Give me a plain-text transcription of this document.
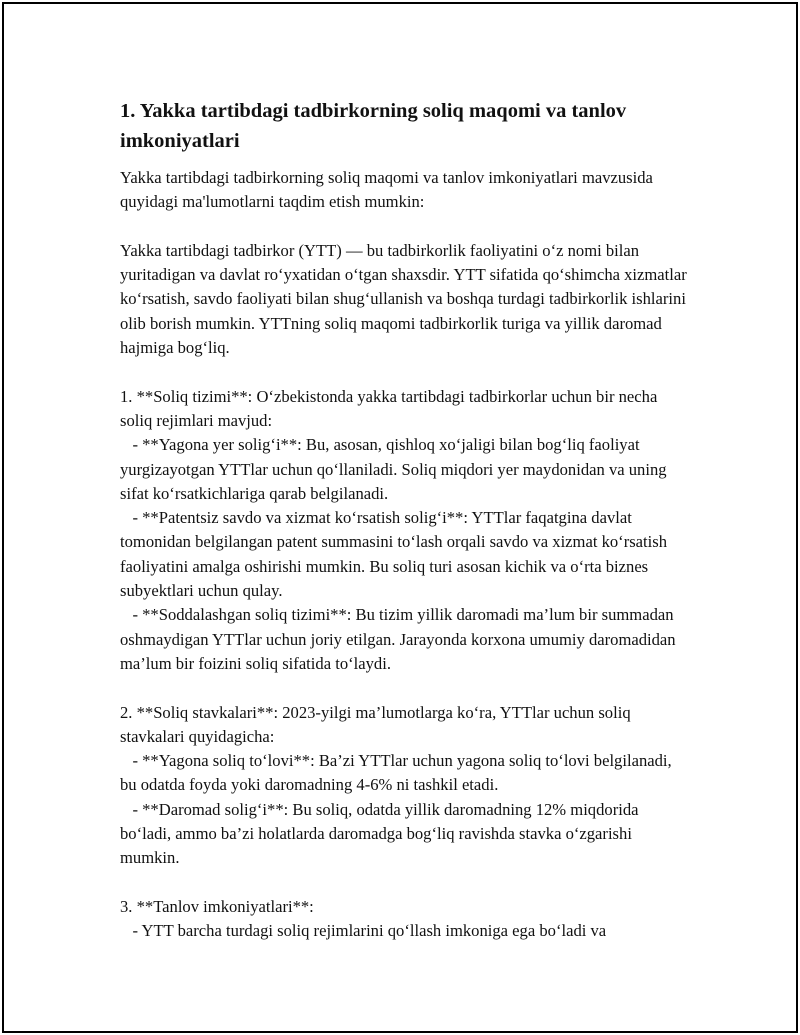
1. Yakka tartibdagi tadbirkorning soliq maqomi va tanlov imkoniyatlari

Yakka tartibdagi tadbirkorning soliq maqomi va tanlov imkoniyatlari mavzusida quyidagi ma'lumotlarni taqdim etish mumkin:

Yakka tartibdagi tadbirkor (YTT) — bu tadbirkorlik faoliyatini o‘z nomi bilan yuritadigan va davlat ro‘yxatidan o‘tgan shaxsdir. YTT sifatida qo‘shimcha xizmatlar ko‘rsatish, savdo faoliyati bilan shug‘ullanish va boshqa turdagi tadbirkorlik ishlarini olib borish mumkin. YTTning soliq maqomi tadbirkorlik turiga va yillik daromad hajmiga bog‘liq.

1. **Soliq tizimi**: O‘zbekistonda yakka tartibdagi tadbirkorlar uchun bir necha soliq rejimlari mavjud:

- **Yagona yer solig‘i**: Bu, asosan, qishloq xo‘jaligi bilan bog‘liq faoliyat yurgizayotgan YTTlar uchun qo‘llaniladi. Soliq miqdori yer maydonidan va uning sifat ko‘rsatkichlariga qarab belgilanadi.

- **Patentsiz savdo va xizmat ko‘rsatish solig‘i**: YTTlar faqatgina davlat tomonidan belgilangan patent summasini to‘lash orqali savdo va xizmat ko‘rsatish faoliyatini amalga oshirishi mumkin. Bu soliq turi asosan kichik va o‘rta biznes subyektlari uchun qulay.

- **Soddalashgan soliq tizimi**: Bu tizim yillik daromadi ma’lum bir summadan oshmaydigan YTTlar uchun joriy etilgan. Jarayonda korxona umumiy daromadidan ma’lum bir foizini soliq sifatida to‘laydi.

2. **Soliq stavkalari**: 2023-yilgi ma’lumotlarga ko‘ra, YTTlar uchun soliq stavkalari quyidagicha:

- **Yagona soliq to‘lovi**: Ba’zi YTTlar uchun yagona soliq to‘lovi belgilanadi, bu odatda foyda yoki daromadning 4-6% ni tashkil etadi.

- **Daromad solig‘i**: Bu soliq, odatda yillik daromadning 12% miqdorida bo‘ladi, ammo ba’zi holatlarda daromadga bog‘liq ravishda stavka o‘zgarishi mumkin.

3. **Tanlov imkoniyatlari**:

- YTT barcha turdagi soliq rejimlarini qo‘llash imkoniga ega bo‘ladi va
